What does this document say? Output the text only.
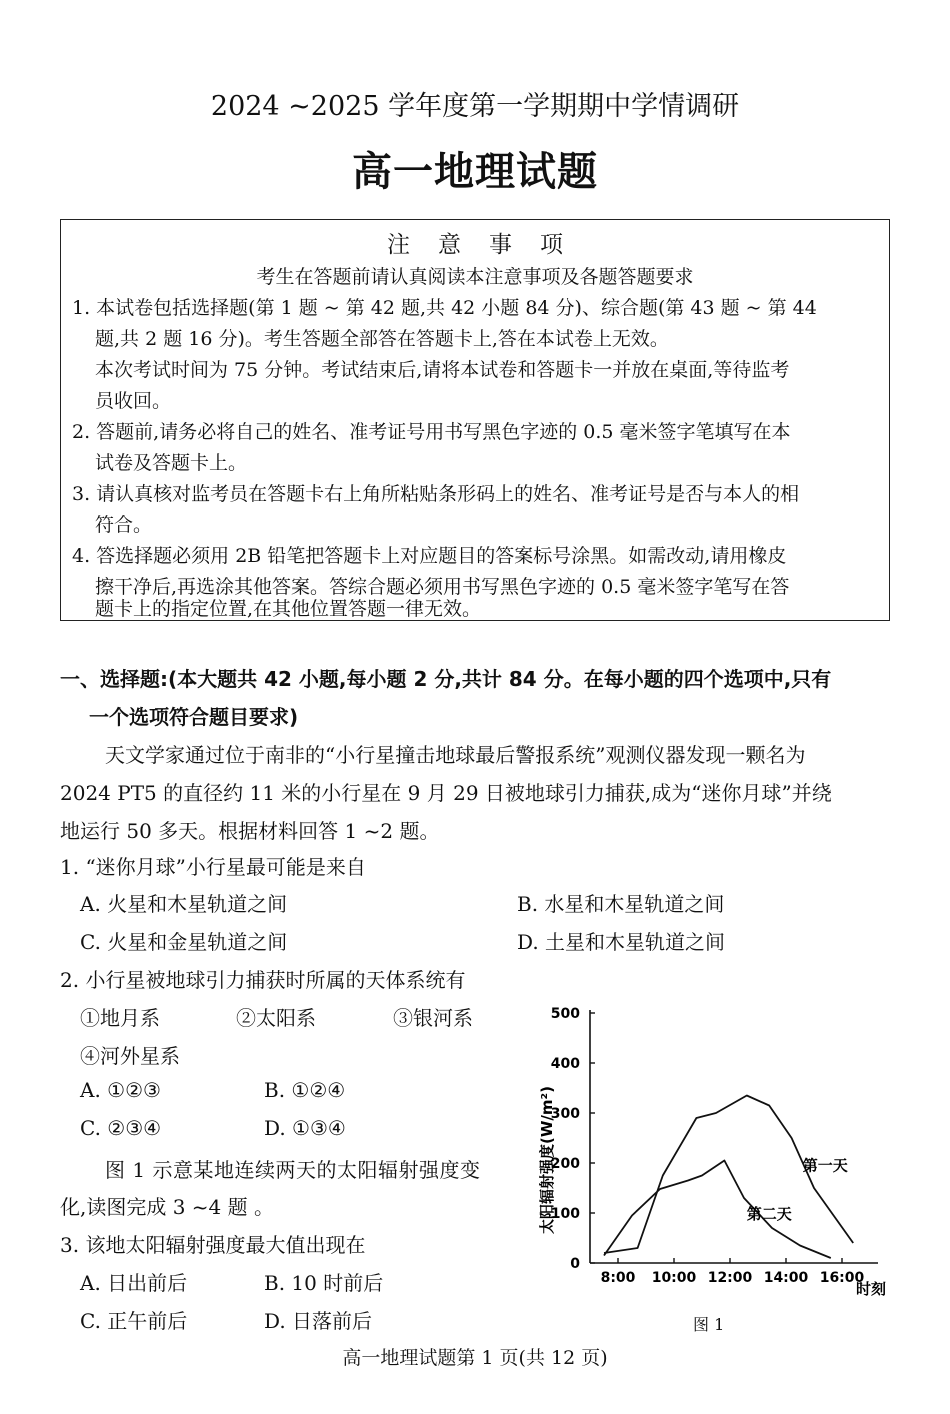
2024 ~2025 学年度第一学期期中学情调研
高一地理试题
注意事项
考生在答题前请认真阅读本注意事项及各题答题要求
1. 本试卷包括选择题(第 1 题 ~ 第 42 题,共 42 小题 84 分)、综合题(第 43 题 ~ 第 44
题,共 2 题 16 分)。考生答题全部答在答题卡上,答在本试卷上无效。
本次考试时间为 75 分钟。考试结束后,请将本试卷和答题卡一并放在桌面,等待监考
员收回。
2. 答题前,请务必将自己的姓名、准考证号用书写黑色字迹的 0.5 毫米签字笔填写在本
试卷及答题卡上。
3. 请认真核对监考员在答题卡右上角所粘贴条形码上的姓名、准考证号是否与本人的相
符合。
4. 答选择题必须用 2B 铅笔把答题卡上对应题目的答案标号涂黑。如需改动,请用橡皮
擦干净后,再选涂其他答案。答综合题必须用书写黑色字迹的 0.5 毫米签字笔写在答
题卡上的指定位置,在其他位置答题一律无效。
一、选择题:(本大题共 42 小题,每小题 2 分,共计 84 分。在每小题的四个选项中,只有
一个选项符合题目要求)
天文学家通过位于南非的“小行星撞击地球最后警报系统”观测仪器发现一颗名为
2024 PT5 的直径约 11 米的小行星在 9 月 29 日被地球引力捕获,成为“迷你月球”并绕
地运行 50 多天。根据材料回答 1 ~2 题。
1. “迷你月球”小行星最可能是来自
A. 火星和木星轨道之间	B. 水星和木星轨道之间
C. 火星和金星轨道之间	D. 土星和木星轨道之间
2. 小行星被地球引力捕获时所属的天体系统有
①地月系	②太阳系	③银河系
④河外星系
A. ①②③	B. ①②④
C. ②③④	D. ①③④
图 1 示意某地连续两天的太阳辐射强度变
化,读图完成 3 ~4 题 。
3. 该地太阳辐射强度最大值出现在
A. 日出前后	B. 10 时前后
C. 正午前后	D. 日落前后
太阳辐射强度(W/m²)
时刻
0
100
200
300
400
500
8:00 10:00 12:00 14:00 16:00
第一天
第二天
图 1
高一地理试题第 1 页(共 12 页)
